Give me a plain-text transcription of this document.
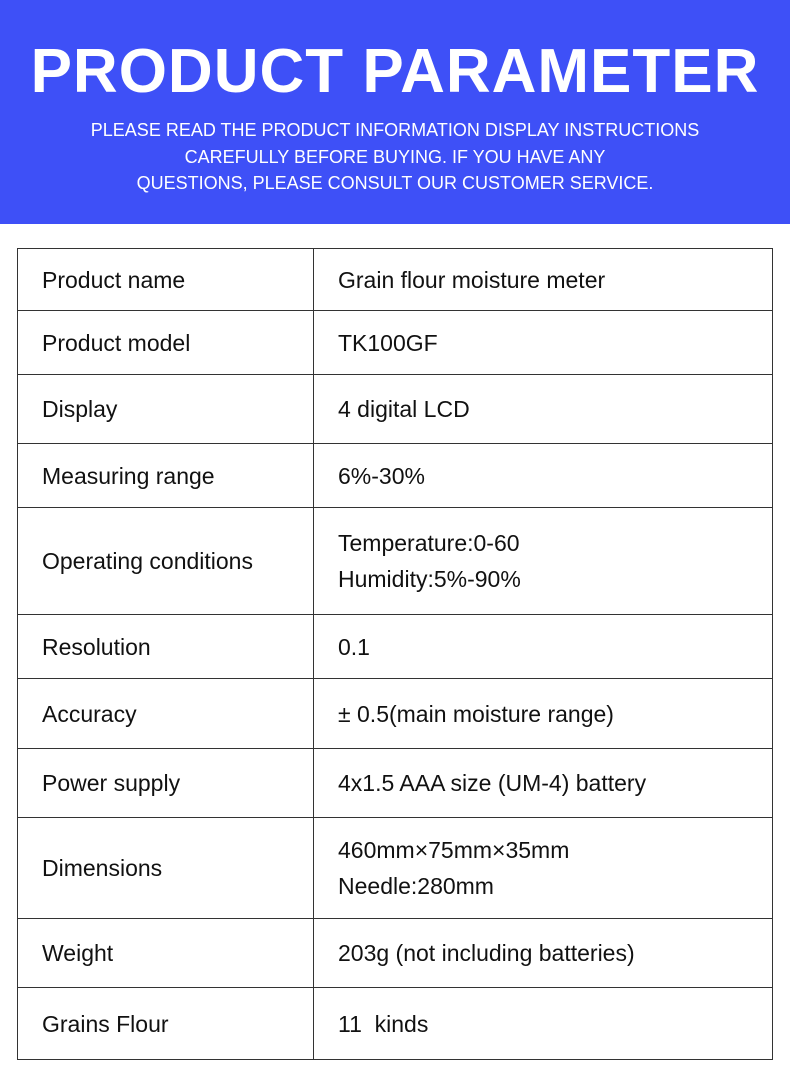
PRODUCT PARAMETER

PLEASE READ THE PRODUCT INFORMATION DISPLAY INSTRUCTIONS
CAREFULLY BEFORE BUYING. IF YOU HAVE ANY
QUESTIONS, PLEASE CONSULT OUR CUSTOMER SERVICE.

Product name	Grain flour moisture meter

Product model	TK100GF

Display	4 digital LCD

Measuring range	6%-30%

Operating conditions	Temperature:0-60
Humidity:5%-90%

Resolution	0.1

Accuracy	± 0.5(main moisture range)

Power supply	4x1.5 AAA size (UM-4) battery

Dimensions	460mm×75mm×35mm
Needle:280mm

Weight	203g (not including batteries)

Grains Flour	11  kinds
